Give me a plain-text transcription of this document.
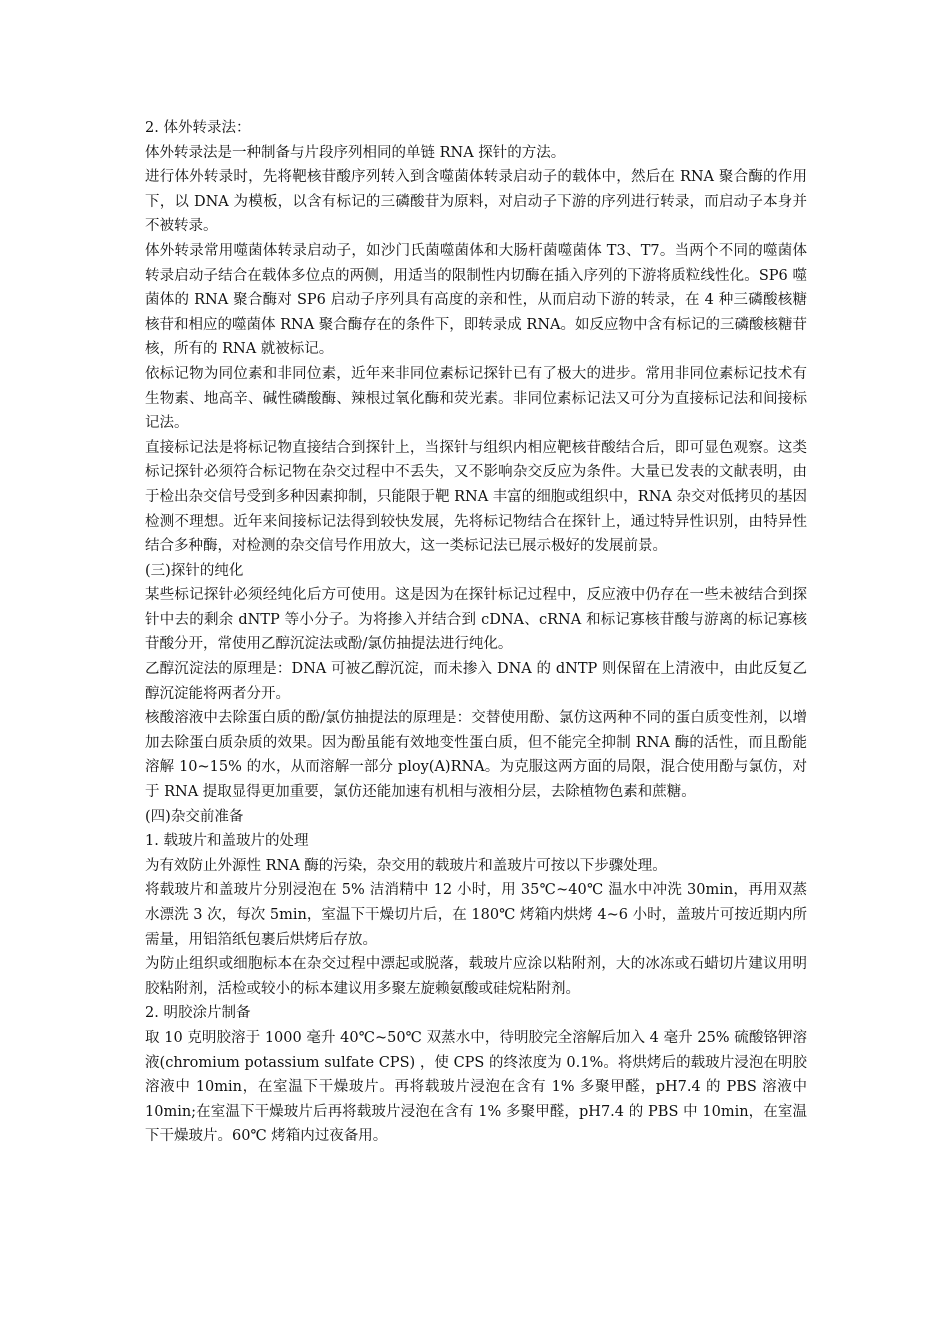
2. 体外转录法：

体外转录法是一种制备与片段序列相同的单链 RNA 探针的方法。

进行体外转录时，先将靶核苷酸序列转入到含噬菌体转录启动子的载体中，然后在 RNA 聚合酶的作用下，以 DNA 为模板，以含有标记的三磷酸苷为原料，对启动子下游的序列进行转录，而启动子本身并不被转录。

体外转录常用噬菌体转录启动子，如沙门氏菌噬菌体和大肠杆菌噬菌体 T3、T7。当两个不同的噬菌体转录启动子结合在载体多位点的两侧，用适当的限制性内切酶在插入序列的下游将质粒线性化。SP6 噬菌体的 RNA 聚合酶对 SP6 启动子序列具有高度的亲和性，从而启动下游的转录，在 4 种三磷酸核糖核苷和相应的噬菌体 RNA 聚合酶存在的条件下，即转录成 RNA。如反应物中含有标记的三磷酸核糖苷核，所有的 RNA 就被标记。

依标记物为同位素和非同位素，近年来非同位素标记探针已有了极大的进步。常用非同位素标记技术有生物素、地高辛、碱性磷酸酶、辣根过氧化酶和荧光素。非同位素标记法又可分为直接标记法和间接标记法。

直接标记法是将标记物直接结合到探针上，当探针与组织内相应靶核苷酸结合后，即可显色观察。这类标记探针必须符合标记物在杂交过程中不丢失，又不影响杂交反应为条件。大量已发表的文献表明，由于检出杂交信号受到多种因素抑制，只能限于靶 RNA 丰富的细胞或组织中，RNA 杂交对低拷贝的基因检测不理想。近年来间接标记法得到较快发展，先将标记物结合在探针上，通过特异性识别，由特异性结合多种酶，对检测的杂交信号作用放大，这一类标记法已展示极好的发展前景。

(三)探针的纯化

某些标记探针必须经纯化后方可使用。这是因为在探针标记过程中，反应液中仍存在一些未被结合到探针中去的剩余 dNTP 等小分子。为将掺入并结合到 cDNA、cRNA 和标记寡核苷酸与游离的标记寡核苷酸分开，常使用乙醇沉淀法或酚/氯仿抽提法进行纯化。

乙醇沉淀法的原理是：DNA 可被乙醇沉淀，而未掺入 DNA 的 dNTP 则保留在上清液中，由此反复乙醇沉淀能将两者分开。

核酸溶液中去除蛋白质的酚/氯仿抽提法的原理是：交替使用酚、氯仿这两种不同的蛋白质变性剂，以增加去除蛋白质杂质的效果。因为酚虽能有效地变性蛋白质，但不能完全抑制 RNA 酶的活性，而且酚能溶解 10~15% 的水，从而溶解一部分 ploy(A)RNA。为克服这两方面的局限，混合使用酚与氯仿，对于 RNA 提取显得更加重要，氯仿还能加速有机相与液相分层，去除植物色素和蔗糖。

(四)杂交前准备

1. 载玻片和盖玻片的处理

为有效防止外源性 RNA 酶的污染，杂交用的载玻片和盖玻片可按以下步骤处理。

将载玻片和盖玻片分别浸泡在 5% 洁消精中 12 小时，用 35℃~40℃ 温水中冲洗 30min，再用双蒸水漂洗 3 次，每次 5min，室温下干燥切片后，在 180℃ 烤箱内烘烤 4~6 小时，盖玻片可按近期内所需量，用铝箔纸包裹后烘烤后存放。

为防止组织或细胞标本在杂交过程中漂起或脱落，载玻片应涂以粘附剂，大的冰冻或石蜡切片建议用明胶粘附剂，活检或较小的标本建议用多聚左旋赖氨酸或硅烷粘附剂。

2. 明胶涂片制备

取 10 克明胶溶于 1000 毫升 40℃~50℃ 双蒸水中，待明胶完全溶解后加入 4 毫升 25% 硫酸铬钾溶液(chromium potassium sulfate CPS) ，使 CPS 的终浓度为 0.1%。将烘烤后的载玻片浸泡在明胶溶液中 10min，在室温下干燥玻片。再将载玻片浸泡在含有 1% 多聚甲醛，pH7.4 的 PBS 溶液中 10min;在室温下干燥玻片后再将载玻片浸泡在含有 1% 多聚甲醛，pH7.4 的 PBS 中 10min，在室温下干燥玻片。60℃ 烤箱内过夜备用。
